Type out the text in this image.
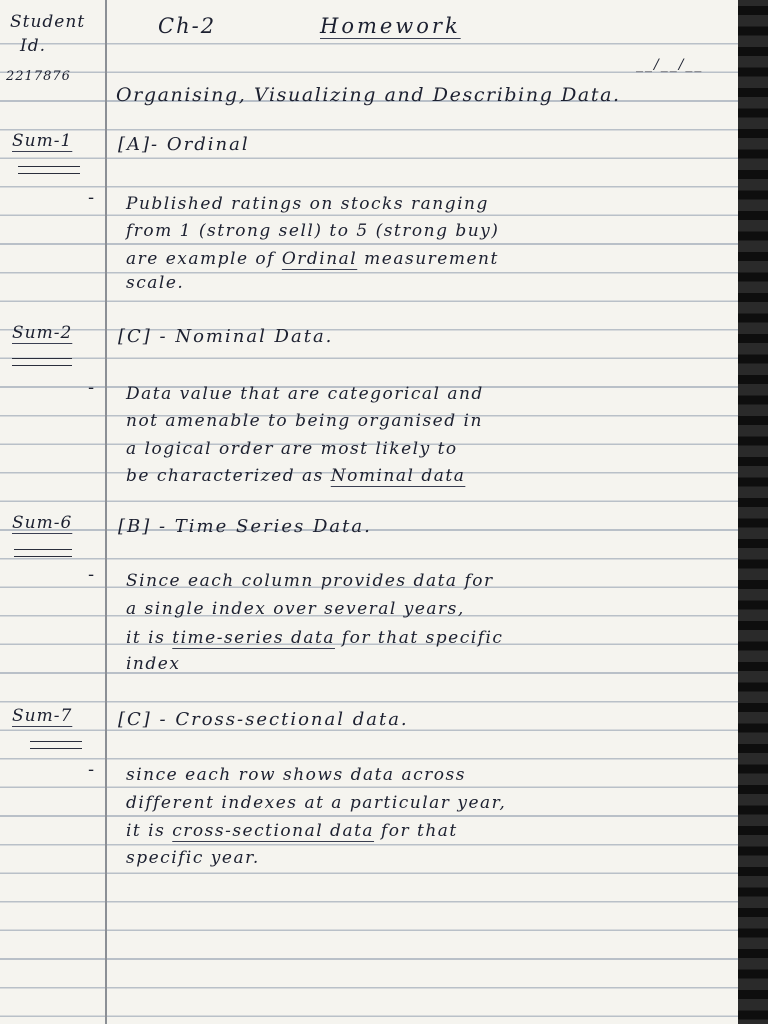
Student
Id.
2217876
Ch-2	Homework
__/__/__
Organising, Visualizing and Describing Data.
Sum-1	[A]- Ordinal
- Published ratings on stocks ranging
from 1 (strong sell) to 5 (strong buy)
are example of Ordinal measurement
scale.
Sum-2	[C] - Nominal Data.
- Data value that are categorical and
not amenable to being organised in
a logical order are most likely to
be characterized as Nominal data
Sum-6	[B] - Time Series Data.
- Since each column provides data for
a single index over several years,
it is time-series data for that specific
index
Sum-7	[C] - Cross-sectional data.
- since each row shows data across
different indexes at a particular year,
it is cross-sectional data for that
specific year.
